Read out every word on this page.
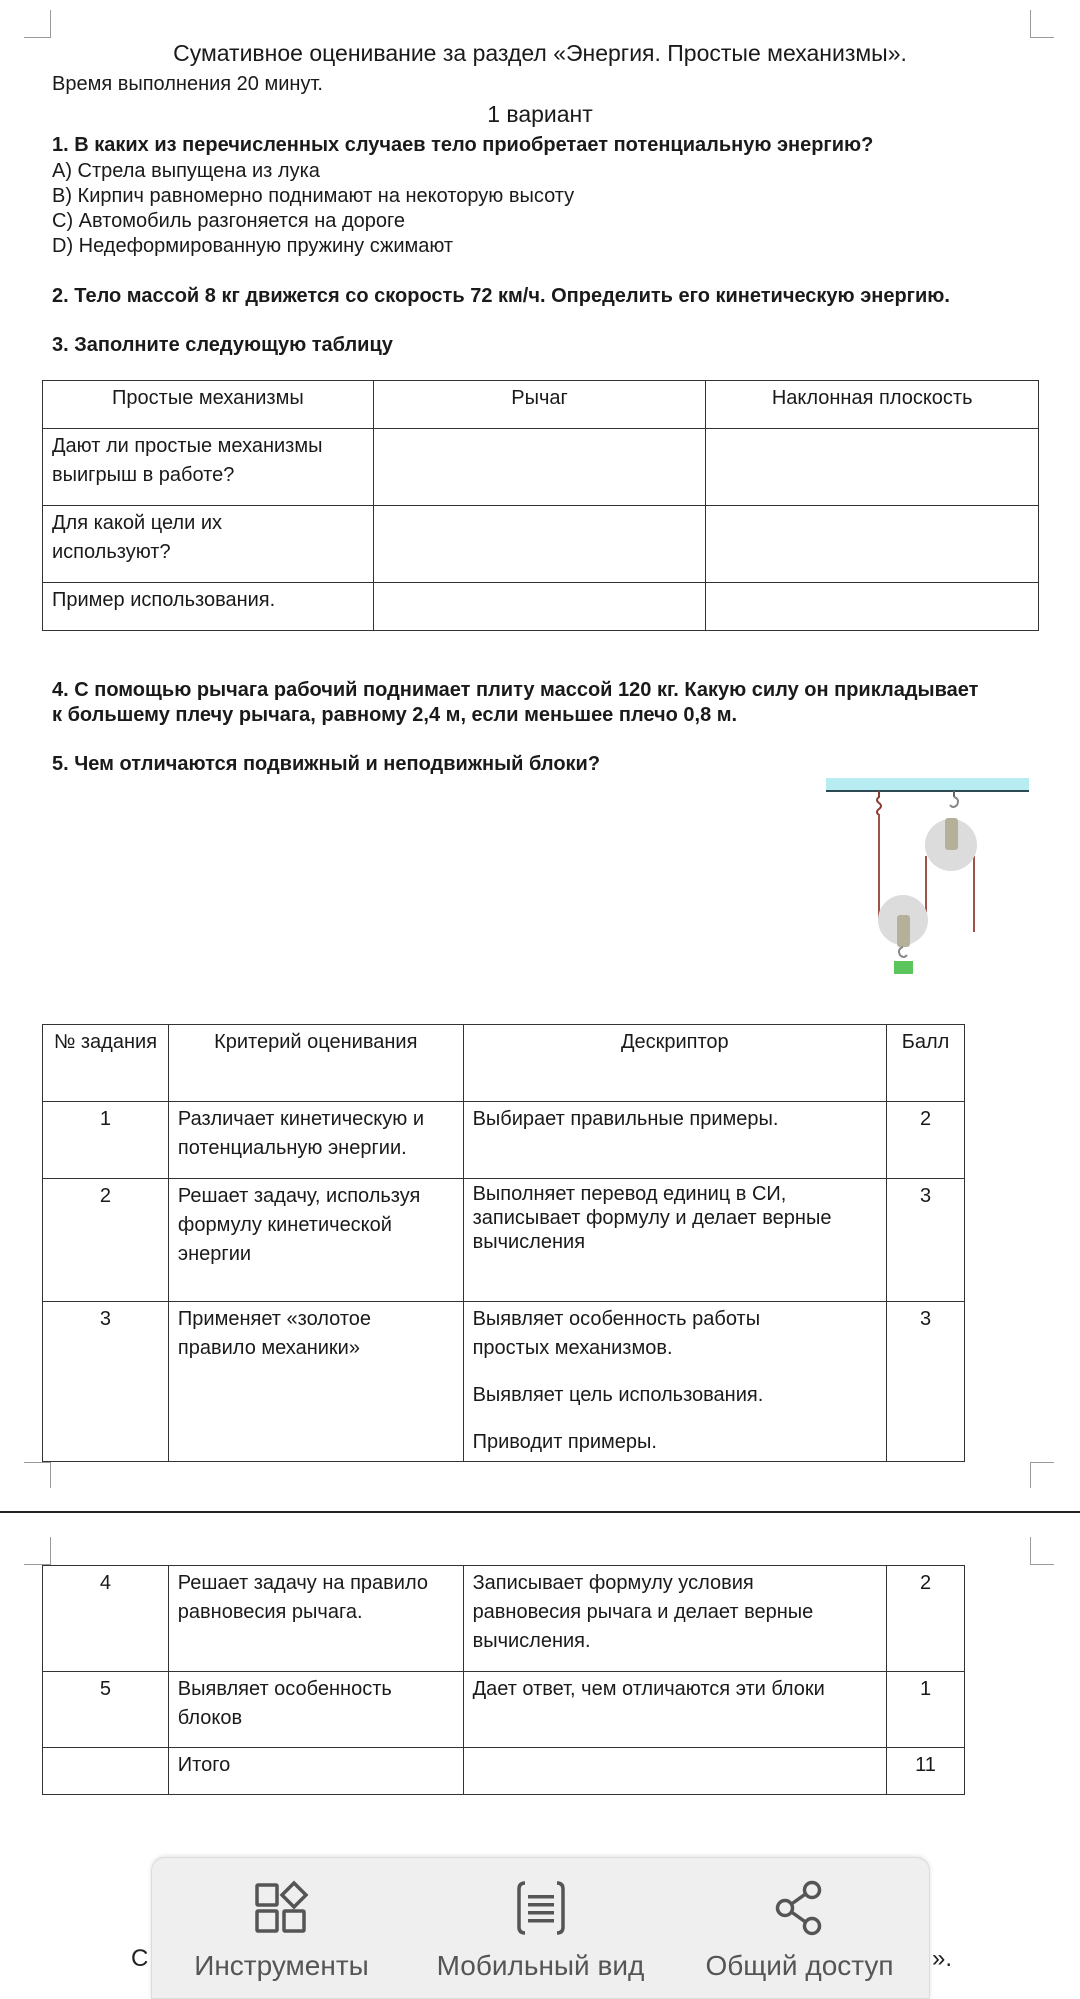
Сумативное оценивание за раздел «Энергия. Простые механизмы».
Время выполнения 20 минут.
1 вариант
1. В каких из перечисленных случаев тело приобретает потенциальную энергию?
A) Стрела выпущена из лука
B) Кирпич равномерно поднимают на некоторую высоту
C) Автомобиль разгоняется на дороге
D) Недеформированную пружину сжимают
2. Тело массой 8 кг движется со скорость 72 км/ч. Определить его кинетическую энергию.
3. Заполните следующую таблицу
Простые механизмы	Рычаг	Наклонная плоскость
Дают ли простые механизмы выигрыш в работе?		
Для какой цели их используют?		
Пример использования.		
4. С помощью рычага рабочий поднимает плиту массой 120 кг. Какую силу он прикладывает
к большему плечу рычага, равному 2,4 м, если меньшее плечо 0,8 м.
5. Чем отличаются подвижный и неподвижный блоки?
№ задания	Критерий оценивания	Дескриптор	Балл
1	Различает кинетическую и потенциальную энергии.	Выбирает правильные примеры.	2
2	Решает задачу, используя формулу кинетической энергии	Выполняет перевод единиц в СИ, записывает формулу и делает верные вычисления	3
3	Применяет «золотое правило механики»	Выявляет особенность работы простых механизмов.
Выявляет цель использования.
Приводит примеры.	3
4	Решает задачу на правило равновесия рычага.	Записывает формулу условия равновесия рычага и делает верные вычисления.	2
5	Выявляет особенность блоков	Дает ответ, чем отличаются эти блоки	1
	Итого		11
С	».
Инструменты	Мобильный вид	Общий доступ
